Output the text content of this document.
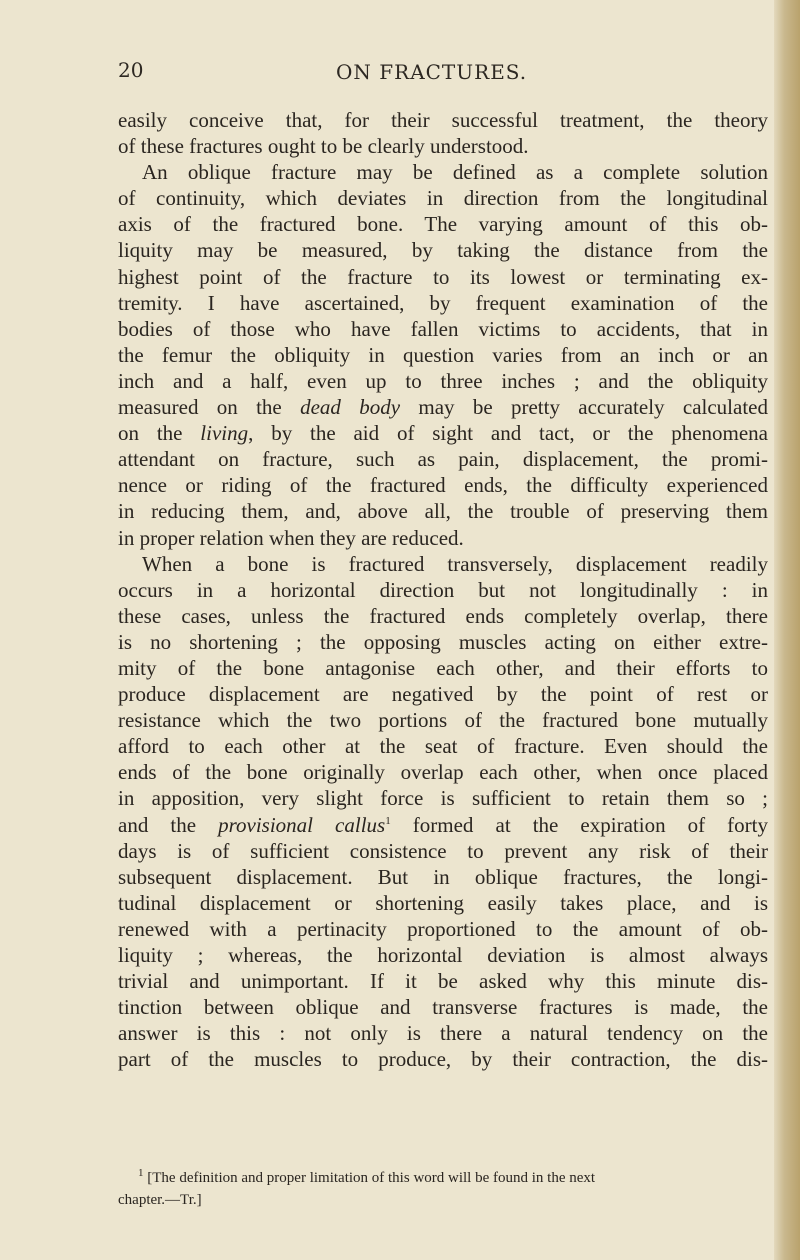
20	ON FRACTURES.
easily conceive that, for their successful treatment, the theory
of these fractures ought to be clearly understood.
An oblique fracture may be defined as a complete solution
of continuity, which deviates in direction from the longitudinal
axis of the fractured bone. The varying amount of this ob-
liquity may be measured, by taking the distance from the
highest point of the fracture to its lowest or terminating ex-
tremity. I have ascertained, by frequent examination of the
bodies of those who have fallen victims to accidents, that in
the femur the obliquity in question varies from an inch or an
inch and a half, even up to three inches ; and the obliquity
measured on the dead body may be pretty accurately calculated
on the living, by the aid of sight and tact, or the phenomena
attendant on fracture, such as pain, displacement, the promi-
nence or riding of the fractured ends, the difficulty experienced
in reducing them, and, above all, the trouble of preserving them
in proper relation when they are reduced.
When a bone is fractured transversely, displacement readily
occurs in a horizontal direction but not longitudinally : in
these cases, unless the fractured ends completely overlap, there
is no shortening ; the opposing muscles acting on either extre-
mity of the bone antagonise each other, and their efforts to
produce displacement are negatived by the point of rest or
resistance which the two portions of the fractured bone mutually
afford to each other at the seat of fracture. Even should the
ends of the bone originally overlap each other, when once placed
in apposition, very slight force is sufficient to retain them so ;
and the provisional callus$^1$ formed at the expiration of forty
days is of sufficient consistence to prevent any risk of their
subsequent displacement. But in oblique fractures, the longi-
tudinal displacement or shortening easily takes place, and is
renewed with a pertinacity proportioned to the amount of ob-
liquity ; whereas, the horizontal deviation is almost always
trivial and unimportant. If it be asked why this minute dis-
tinction between oblique and transverse fractures is made, the
answer is this : not only is there a natural tendency on the
part of the muscles to produce, by their contraction, the dis-
$^1$ [The definition and proper limitation of this word will be found in the next
chapter.—Tr.]
